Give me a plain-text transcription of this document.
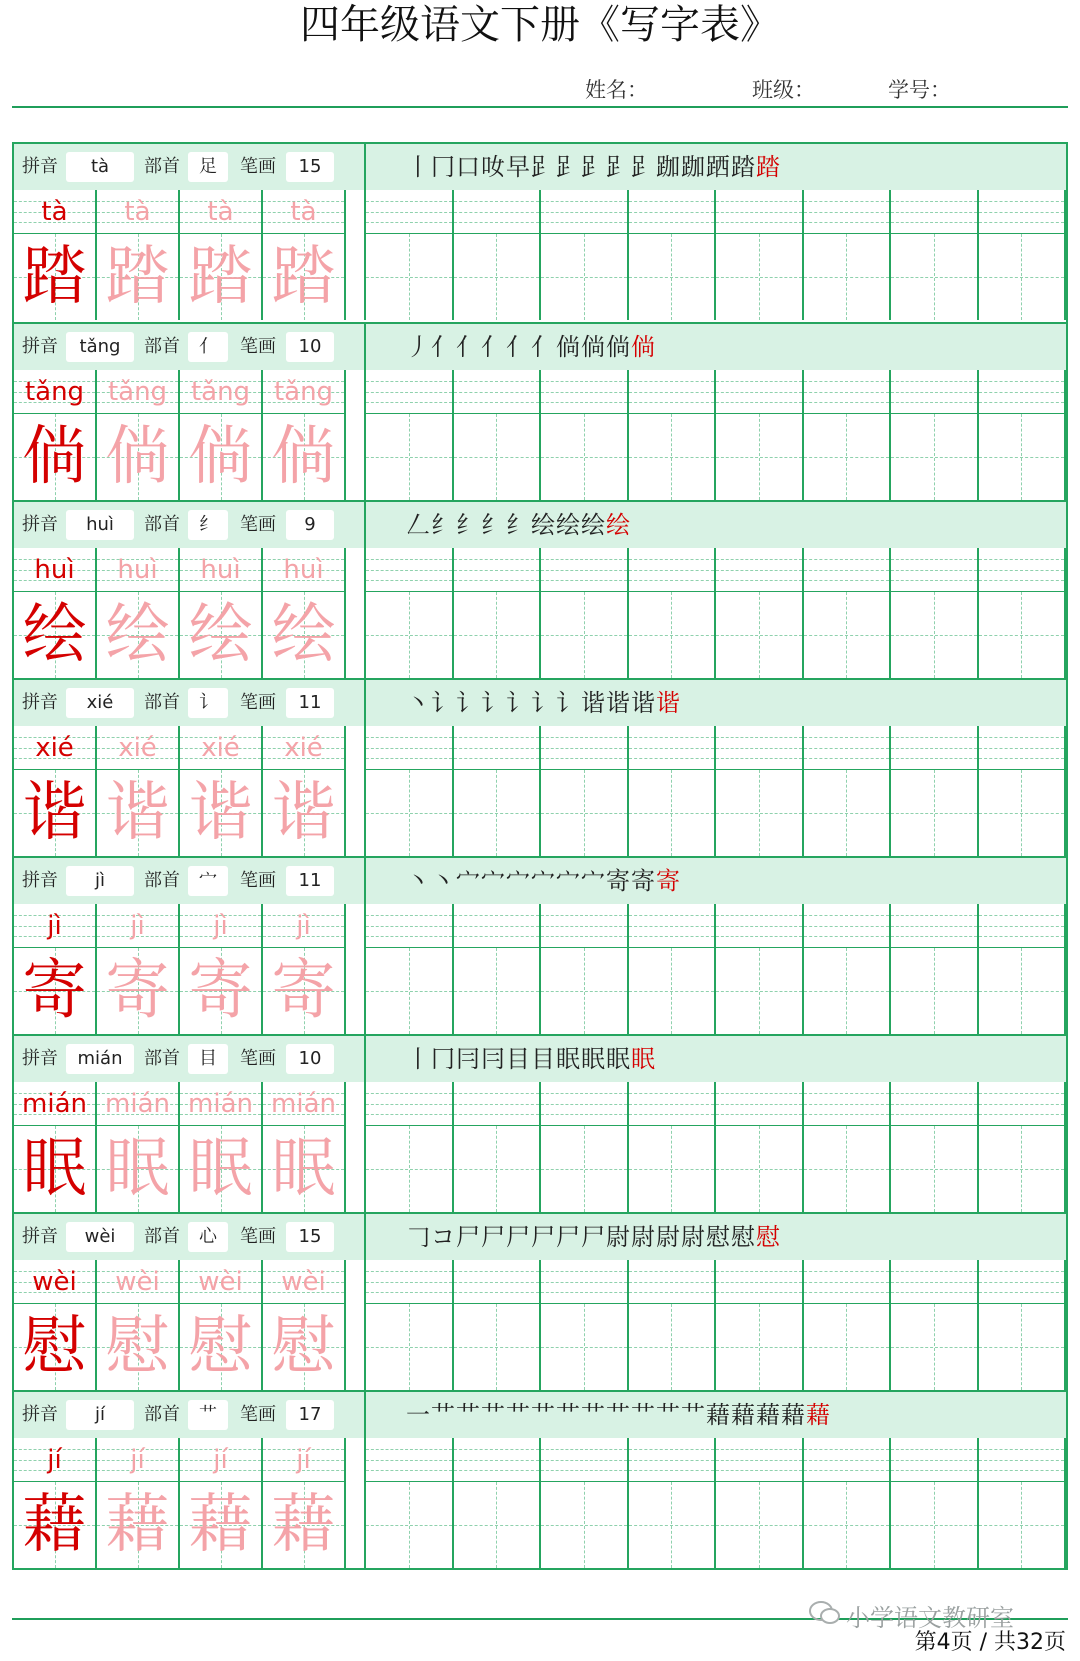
四年级语文下册《写字表》
姓名：	班级：	学号：
拼音	tà	部首	足	笔画	15	丨冂口𠯆早𧾷𧾷𧾷𧾷𧾷跏跏跴踏踏
tà
踏
tà
踏
tà
踏
tà
踏
拼音	tǎng	部首	亻	笔画	10	丿亻亻亻亻亻倘倘倘倘
tǎng
倘
tǎng
倘
tǎng
倘
tǎng
倘
拼音	huì	部首	纟	笔画	9	𠃋纟纟纟纟绘绘绘绘
huì
绘
huì
绘
huì
绘
huì
绘
拼音	xié	部首	讠	笔画	11	丶讠讠讠讠讠讠谐谐谐谐
xié
谐
xié
谐
xié
谐
xié
谐
拼音	jì	部首	宀	笔画	11	丶丶宀宀宀宀宀宀寄寄寄
jì
寄
jì
寄
jì
寄
jì
寄
拼音	mián	部首	目	笔画	10	丨冂冃冃目目眠眠眠眠
mián
眠
mián
眠
mián
眠
mián
眠
拼音	wèi	部首	心	笔画	15	𠃌コ尸尸尸尸尸尸尉尉尉尉慰慰慰
wèi
慰
wèi
慰
wèi
慰
wèi
慰
拼音	jí	部首	艹	笔画	17	一艹艹艹艹艹艹艹艹艹艹艹藉藉藉藉藉
jí
藉
jí
藉
jí
藉
jí
藉
小学语文教研室
第4页 / 共32页
